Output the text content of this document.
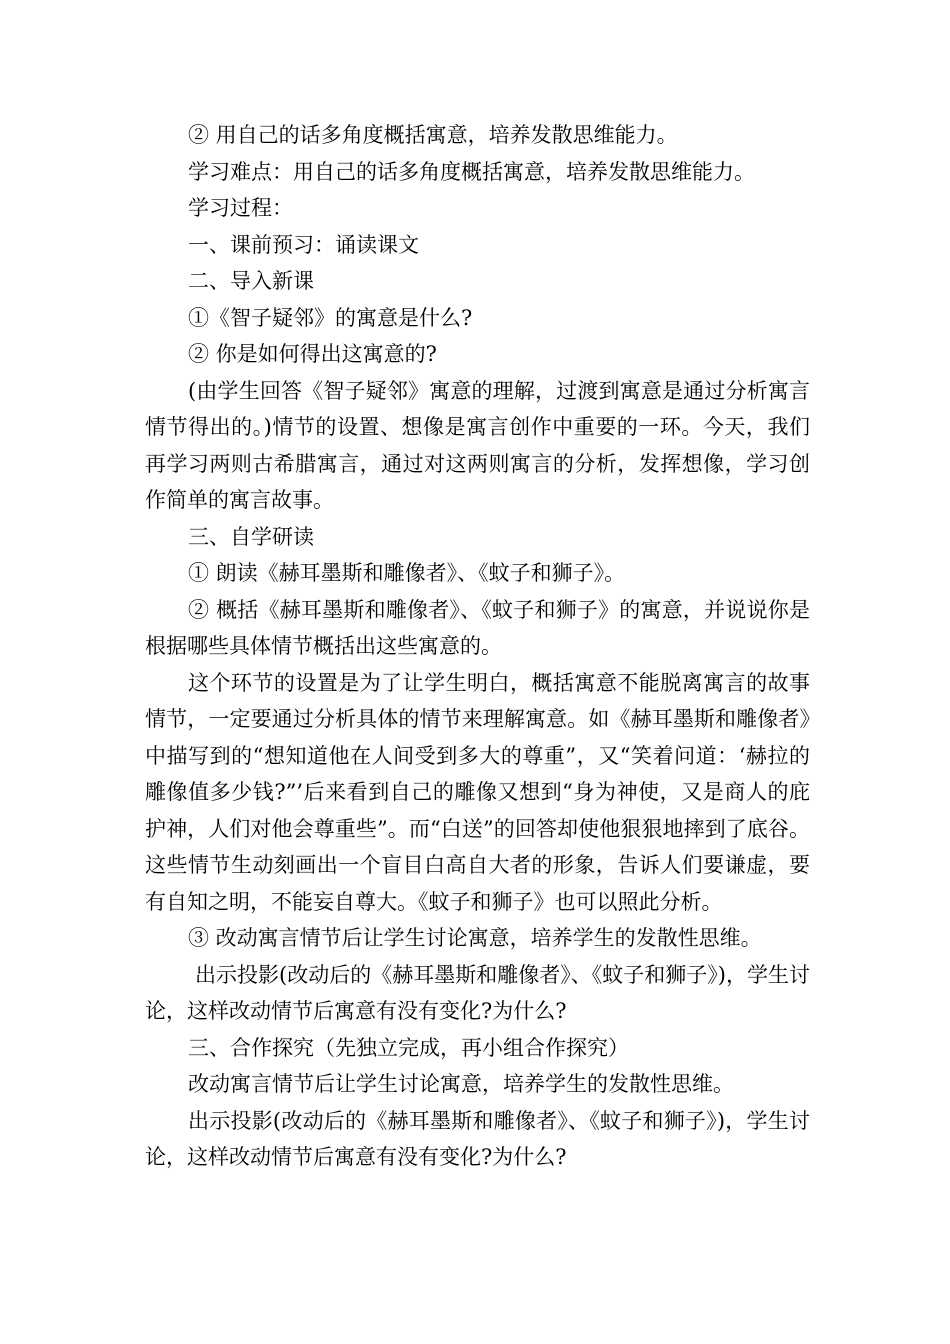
② 用自己的话多角度概括寓意，培养发散思维能力。

学习难点：用自己的话多角度概括寓意，培养发散思维能力。

学习过程：

一、课前预习：诵读课文

二、导入新课

①《智子疑邻》的寓意是什么?

② 你是如何得出这寓意的?

(由学生回答《智子疑邻》寓意的理解，过渡到寓意是通过分析寓言情节得出的。)情节的设置、想像是寓言创作中重要的一环。今天，我们再学习两则古希腊寓言，通过对这两则寓言的分析，发挥想像，学习创作简单的寓言故事。

三、自学研读

① 朗读《赫耳墨斯和雕像者》、《蚊子和狮子》。

② 概括《赫耳墨斯和雕像者》、《蚊子和狮子》的寓意，并说说你是根据哪些具体情节概括出这些寓意的。

这个环节的设置是为了让学生明白，概括寓意不能脱离寓言的故事情节，一定要通过分析具体的情节来理解寓意。如《赫耳墨斯和雕像者》中描写到的“想知道他在人间受到多大的尊重”，又“笑着问道：‘赫拉的雕像值多少钱?”’后来看到自己的雕像又想到“身为神使，又是商人的庇护神，人们对他会尊重些”。而“白送”的回答却使他狠狠地摔到了底谷。这些情节生动刻画出一个盲目白高自大者的形象，告诉人们要谦虚，要有自知之明，不能妄自尊大。《蚊子和狮子》也可以照此分析。

③ 改动寓言情节后让学生讨论寓意，培养学生的发散性思维。

出示投影(改动后的《赫耳墨斯和雕像者》、《蚊子和狮子》)，学生讨论，这样改动情节后寓意有没有变化?为什么?

三、合作探究（先独立完成，再小组合作探究）

改动寓言情节后让学生讨论寓意，培养学生的发散性思维。

出示投影(改动后的《赫耳墨斯和雕像者》、《蚊子和狮子》)，学生讨论，这样改动情节后寓意有没有变化?为什么?
